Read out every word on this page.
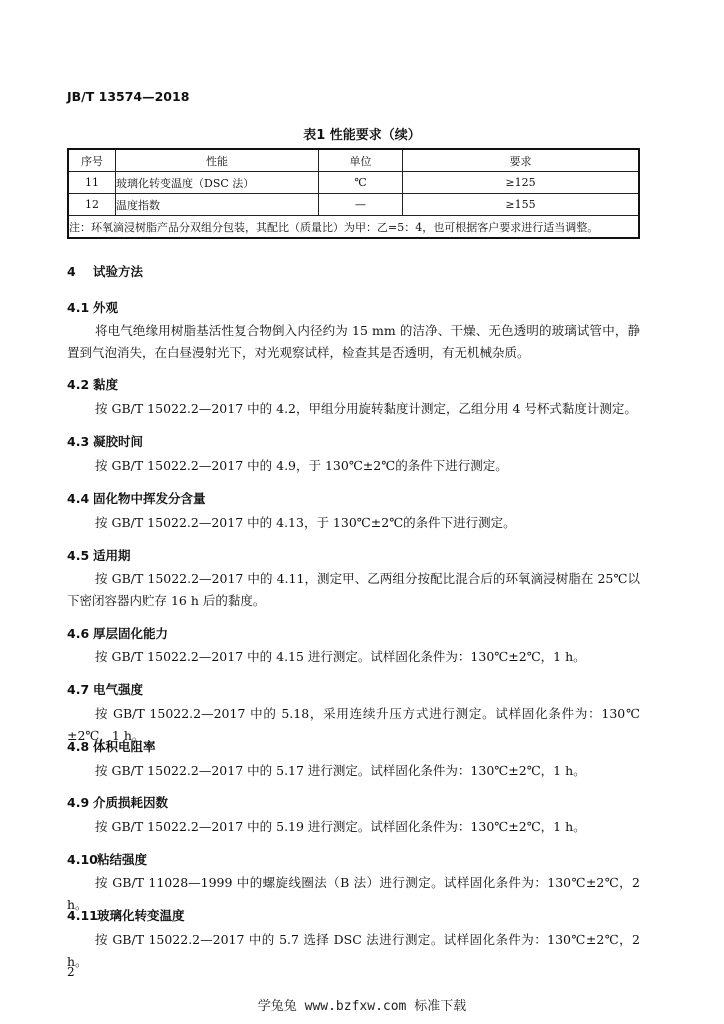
JB/T 13574—2018
表1 性能要求（续）
序号	性能	单位	要求
11	玻璃化转变温度（DSC 法）	℃	≥125
12	温度指数	—	≥155
注：环氧滴浸树脂产品分双组分包装，其配比（质量比）为甲：乙=5：4，也可根据客户要求进行适当调整。			
4 试验方法
4.1 外观
将电气绝缘用树脂基活性复合物倒入内径约为 15 mm 的洁净、干燥、无色透明的玻璃试管中，静置到气泡消失，在白昼漫射光下，对光观察试样，检查其是否透明，有无机械杂质。
4.2 黏度
按 GB/T 15022.2—2017 中的 4.2，甲组分用旋转黏度计测定，乙组分用 4 号杯式黏度计测定。
4.3 凝胶时间
按 GB/T 15022.2—2017 中的 4.9，于 130℃±2℃的条件下进行测定。
4.4 固化物中挥发分含量
按 GB/T 15022.2—2017 中的 4.13，于 130℃±2℃的条件下进行测定。
4.5 适用期
按 GB/T 15022.2—2017 中的 4.11，测定甲、乙两组分按配比混合后的环氧滴浸树脂在 25℃以下密闭容器内贮存 16 h 后的黏度。
4.6 厚层固化能力
按 GB/T 15022.2—2017 中的 4.15 进行测定。试样固化条件为：130℃±2℃，1 h。
4.7 电气强度
按 GB/T 15022.2—2017 中的 5.18，采用连续升压方式进行测定。试样固化条件为：130℃±2℃，1 h。
4.8 体积电阻率
按 GB/T 15022.2—2017 中的 5.17 进行测定。试样固化条件为：130℃±2℃，1 h。
4.9 介质损耗因数
按 GB/T 15022.2—2017 中的 5.19 进行测定。试样固化条件为：130℃±2℃，1 h。
4.10粘结强度
按 GB/T 11028—1999 中的螺旋线圈法（B 法）进行测定。试样固化条件为：130℃±2℃，2 h。
4.11玻璃化转变温度
按 GB/T 15022.2—2017 中的 5.7 选择 DSC 法进行测定。试样固化条件为：130℃±2℃，2 h。
2
学兔兔 www.bzfxw.com 标准下载
